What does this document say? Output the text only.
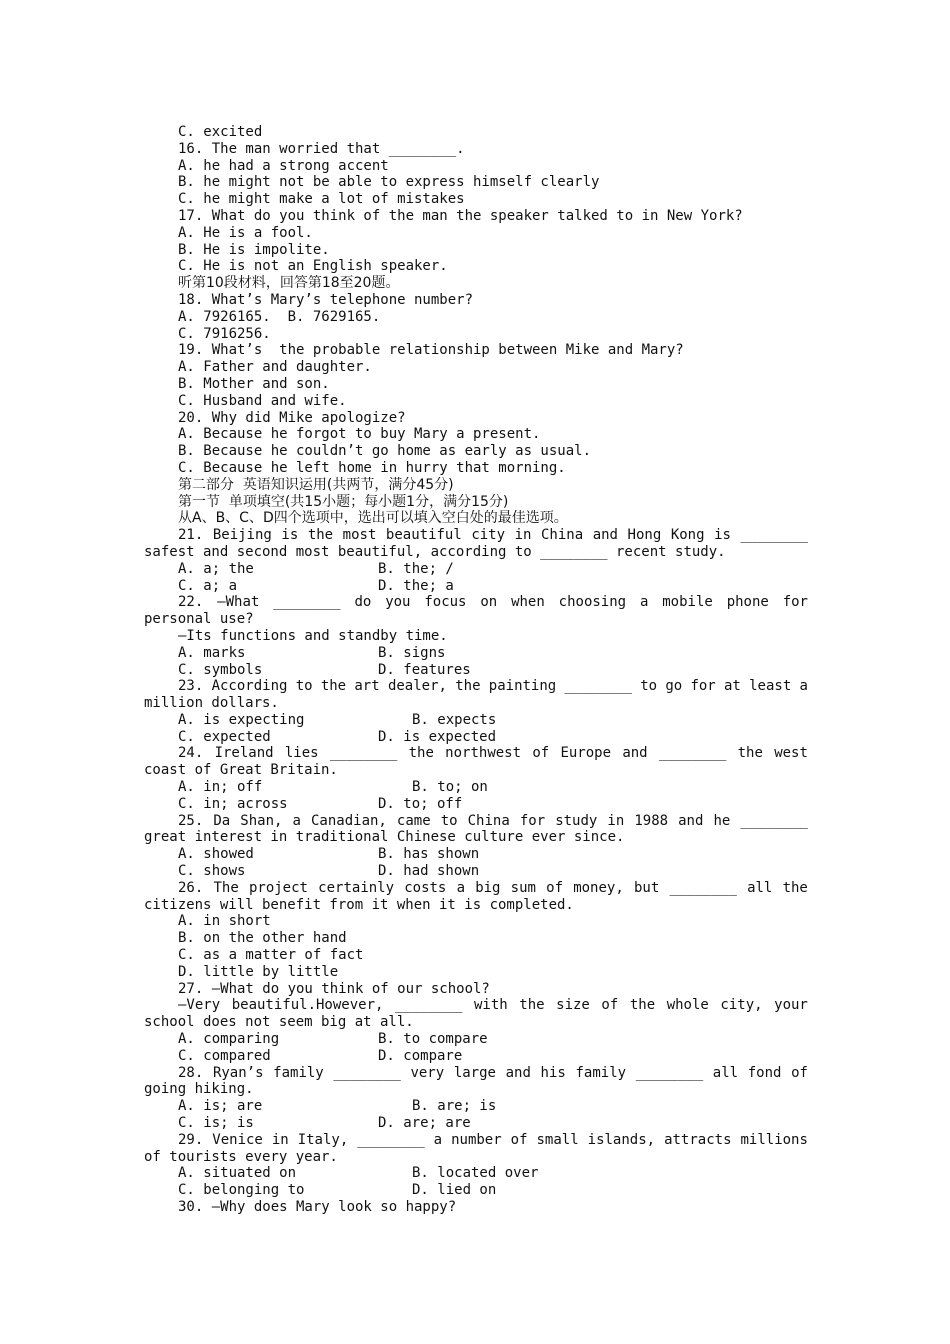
C. excited
16. The man worried that ________.
A. he had a strong accent
B. he might not be able to express himself clearly
C. he might make a lot of mistakes
17. What do you think of the man the speaker talked to in New York?
A. He is a fool.
B. He is impolite.
C. He is not an English speaker.
听第10段材料，回答第18至20题。
18. What’s Mary’s telephone number?
A. 7926165.  B. 7629165.
C. 7916256.
19. What’s  the probable relationship between Mike and Mary?
A. Father and daughter.
B. Mother and son.
C. Husband and wife.
20. Why did Mike apologize?
A. Because he forgot to buy Mary a present.
B. Because he couldn’t go home as early as usual.
C. Because he left home in hurry that morning.
第二部分  英语知识运用(共两节，满分45分)
第一节  单项填空(共15小题；每小题1分，满分15分)
从A、B、C、D四个选项中，选出可以填入空白处的最佳选项。
21. Beijing is the most beautiful city in China and Hong Kong is ________
safest and second most beautiful, according to ________ recent study.
A. a; the	B. the; /
C. a; a	D. the; a
22. —What ________ do you focus on when choosing a mobile phone for
personal use?
—Its functions and standby time.
A. marks	B. signs
C. symbols	D. features
23. According to the art dealer, the painting ________ to go for at least a
million dollars.
A. is expecting	B. expects
C. expected	D. is expected
24. Ireland lies ________ the northwest of Europe and ________ the west
coast of Great Britain.
A. in; off	B. to; on
C. in; across	D. to; off
25. Da Shan, a Canadian, came to China for study in 1988 and he ________
great interest in traditional Chinese culture ever since.
A. showed	B. has shown
C. shows	D. had shown
26. The project certainly costs a big sum of money, but ________ all the
citizens will benefit from it when it is completed.
A. in short
B. on the other hand
C. as a matter of fact
D. little by little
27. —What do you think of our school?
—Very beautiful.However, ________ with the size of the whole city, your
school does not seem big at all.
A. comparing	B. to compare
C. compared	D. compare
28. Ryan’s family ________ very large and his family ________ all fond of
going hiking.
A. is; are	B. are; is
C. is; is	D. are; are
29. Venice in Italy, ________ a number of small islands, attracts millions
of tourists every year.
A. situated on	B. located over
C. belonging to	D. lied on
30. —Why does Mary look so happy?
